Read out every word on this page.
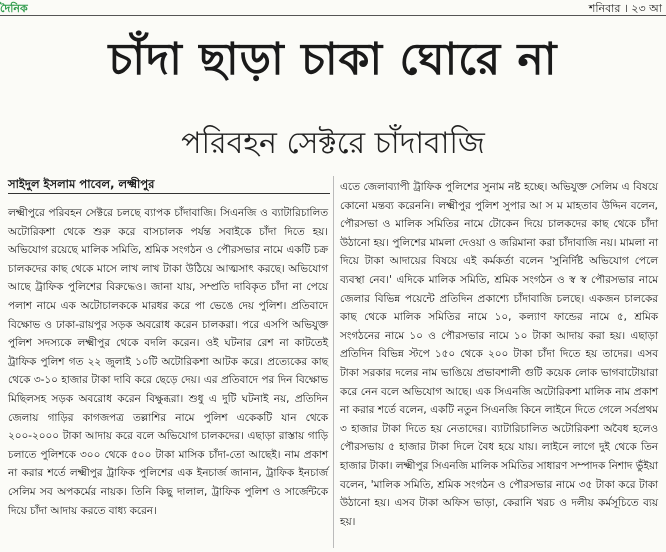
দৈনিক	শনিবার । ২৩ আ
চাঁদা ছাড়া চাকা ঘোরে না
পরিবহন সেক্টরে চাঁদাবাজি
সাইদুল ইসলাম পাবেল, লক্ষ্মীপুর

লক্ষ্মীপুরে পরিবহন সেক্টরে চলছে ব্যাপক চাঁদাবাজি। সিএনজি ও ব্যাটারিচালিত অটোরিকশা থেকে শুরু করে বাসচালক পর্যন্ত সবাইকে চাঁদা দিতে হয়। অভিযোগ রয়েছে মালিক সমিতি, শ্রমিক সংগঠন ও পৌরসভার নামে একটি চক্র চালকদের কাছ থেকে মাসে লাখ লাখ টাকা উঠিয়ে আত্মসাৎ করছে। অভিযোগ আছে ট্রাফিক পুলিশের বিরুদ্ধেও। জানা যায়, সম্প্রতি দাবিকৃত চাঁদা না পেয়ে পলাশ নামে এক অটোচালককে মারধর করে পা ভেঙে দেয় পুলিশ। প্রতিবাদে বিক্ষোভ ও ঢাকা-রায়পুর সড়ক অবরোধ করেন চালকরা। পরে এসপি অভিযুক্ত পুলিশ সদস্যকে লক্ষ্মীপুর থেকে বদলি করেন। ওই ঘটনার রেশ না কাটতেই ট্রাফিক পুলিশ গত ২২ জুলাই ১০টি অটোরিকশা আটক করে। প্রত্যেকের কাছ থেকে ৩-১০ হাজার টাকা দাবি করে ছেড়ে দেয়। এর প্রতিবাদে পর দিন বিক্ষোভ মিছিলসহ সড়ক অবরোধ করেন বিক্ষুব্ধরা। শুধু এ দুটি ঘটনাই নয়, প্রতিদিন জেলায় গাড়ির কাগজপত্র তল্লাশির নামে পুলিশ একেকটি যান থেকে ২০০-২০০০ টাকা আদায় করে বলে অভিযোগ চালকদের। এছাড়া রাস্তায় গাড়ি চলাতে পুলিশকে ৩০০ থেকে ৫০০ টাকা মাসিক চাঁদা-তো আছেই। নাম প্রকাশ না করার শর্তে লক্ষ্মীপুর ট্রাফিক পুলিশের এক ইনচার্জ জানান, ট্রাফিক ইনচার্জ সেলিম সব অপকর্মের নায়ক। তিনি কিছু দালাল, ট্রাফিক পুলিশ ও সার্জেন্টকে দিয়ে চাঁদা আদায় করতে বাধ্য করেন।

এতে জেলাব্যাপী ট্রাফিক পুলিশের সুনাম নষ্ট হচ্ছে। অভিযুক্ত সেলিম এ বিষয়ে কোনো মন্তব্য করেননি। লক্ষ্মীপুর পুলিশ সুপার আ স ম মাহতাব উদ্দিন বলেন, পৌরসভা ও মালিক সমিতির নামে টোকেন দিয়ে চালকদের কাছ থেকে চাঁদা উঠানো হয়। পুলিশের মামলা দেওয়া ও জরিমানা করা চাঁদাবাজি নয়। মামলা না দিয়ে টাকা আদায়ের বিষয়ে এই কর্মকর্তা বলেন 'সুনির্দিষ্ট অভিযোগ পেলে ব্যবস্থা নেব।' এদিকে মালিক সমিতি, শ্রমিক সংগঠন ও স্ব স্ব পৌরসভার নামে জেলার বিভিন্ন পয়েন্টে প্রতিদিন প্রকাশ্যে চাঁদাবাজি চলছে। একজন চালকের কাছ থেকে মালিক সমিতির নামে ১০, কল্যাণ ফান্ডের নামে ৫, শ্রমিক সংগঠনের নামে ১০ ও পৌরসভার নামে ১০ টাকা আদায় করা হয়। এছাড়া প্রতিদিন বিভিন্ন স্টপে ১৫০ থেকে ২০০ টাকা চাঁদা দিতে হয় তাদের। এসব টাকা সরকার দলের নাম ভাঙিয়ে প্রভাবশালী গুটি কয়েক লোক ভাগবাটোয়ারা করে নেন বলে অভিযোগ আছে। এক সিএনজি অটোরিকশা মালিক নাম প্রকাশ না করার শর্তে বলেন, একটি নতুন সিএনজি কিনে লাইনে দিতে গেলে সর্বপ্রথম ৩ হাজার টাকা দিতে হয় নেতাদের। ব্যাটারিচালিত অটোরিকশা অবৈধ হলেও পৌরসভায় ৫ হাজার টাকা দিলে বৈধ হয়ে যায়। লাইনে লাগে দুই থেকে তিন হাজার টাকা। লক্ষ্মীপুর সিএনজি মালিক সমিতির সাধারণ সম্পাদক নিশাদ ভুঁইয়া বলেন, 'মালিক সমিতি, শ্রমিক সংগঠন ও পৌরসভার নামে ৩৫ টাকা করে টাকা উঠানো হয়। এসব টাকা অফিস ভাড়া, কেরানি খরচ ও দলীয় কর্মসূচিতে ব্যয় হয়।
